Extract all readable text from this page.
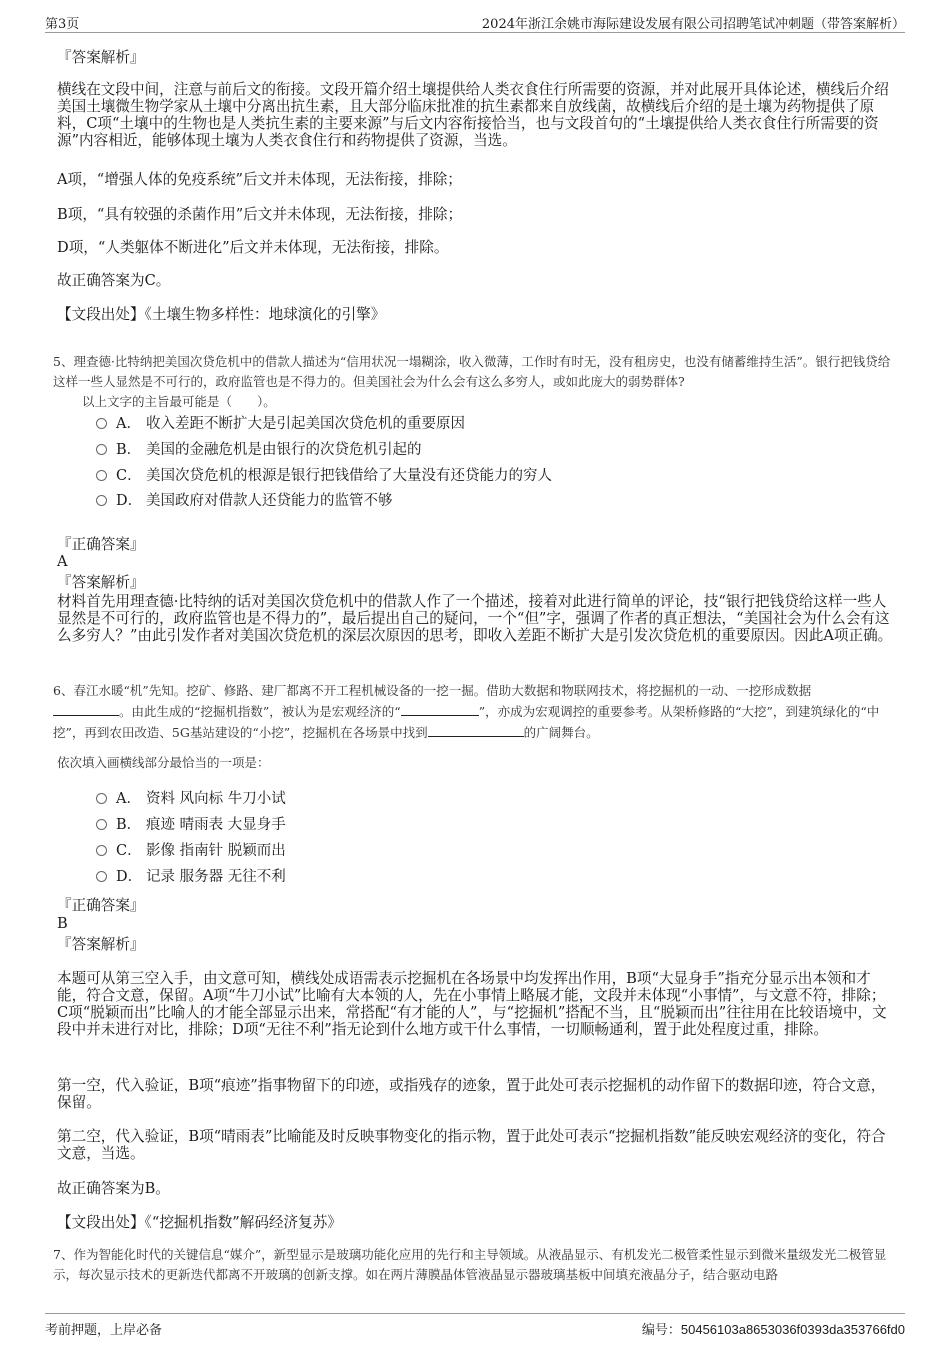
第3页	2024年浙江余姚市海际建设发展有限公司招聘笔试冲刺题（带答案解析）

『答案解析』

横线在文段中间，注意与前后文的衔接。文段开篇介绍土壤提供给人类衣食住行所需要的资源，并对此展开具体论述，横线后介绍美国土壤微生物学家从土壤中分离出抗生素，且大部分临床批准的抗生素都来自放线菌，故横线后介绍的是土壤为药物提供了原料，C项“土壤中的生物也是人类抗生素的主要来源”与后文内容衔接恰当，也与文段首句的“土壤提供给人类衣食住行所需要的资源”内容相近，能够体现土壤为人类衣食住行和药物提供了资源，当选。

A项，“增强人体的免疫系统”后文并未体现，无法衔接，排除；

B项，“具有较强的杀菌作用”后文并未体现，无法衔接，排除；

D项，“人类躯体不断进化”后文并未体现，无法衔接，排除。

故正确答案为C。

【文段出处】《土壤生物多样性：地球演化的引擎》

5、理查德·比特纳把美国次贷危机中的借款人描述为“信用状况一塌糊涂，收入微薄，工作时有时无，没有租房史，也没有储蓄维持生活”。银行把钱贷给这样一些人显然是不可行的，政府监管也是不得力的。但美国社会为什么会有这么多穷人，或如此庞大的弱势群体?

以上文字的主旨最可能是（　　）。

A． 收入差距不断扩大是引起美国次贷危机的重要原因
B． 美国的金融危机是由银行的次贷危机引起的
C． 美国次贷危机的根源是银行把钱借给了大量没有还贷能力的穷人
D． 美国政府对借款人还贷能力的监管不够

『正确答案』

A

『答案解析』

材料首先用理查德·比特纳的话对美国次贷危机中的借款人作了一个描述，接着对此进行简单的评论，技“银行把钱贷给这样一些人显然是不可行的，政府监管也是不得力的”，最后提出自己的疑问，一个“但”字，强调了作者的真正想法，“美国社会为什么会有这么多穷人？”由此引发作者对美国次贷危机的深层次原因的思考，即收入差距不断扩大是引发次贷危机的重要原因。因此A项正确。

6、春江水暖“机”先知。挖矿、修路、建厂都离不开工程机械设备的一挖一掘。借助大数据和物联网技术，将挖掘机的一动、一挖形成数据
。由此生成的“挖掘机指数”，被认为是宏观经济的“	”，亦成为宏观调控的重要参考。从架桥修路的“大挖”，到建筑绿化的“中挖”，再到农田改造、5G基站建设的“小挖”，挖掘机在各场景中找到	的广阔舞台。

依次填入画横线部分最恰当的一项是：

A． 资料 风向标 牛刀小试
B． 痕迹 晴雨表 大显身手
C． 影像 指南针 脱颖而出
D． 记录 服务器 无往不利

『正确答案』

B

『答案解析』

本题可从第三空入手，由文意可知，横线处成语需表示挖掘机在各场景中均发挥出作用，B项“大显身手”指充分显示出本领和才能，符合文意，保留。A项“牛刀小试”比喻有大本领的人，先在小事情上略展才能，文段并未体现“小事情”，与文意不符，排除；C项“脱颖而出”比喻人的才能全部显示出来，常搭配“有才能的人”，与“挖掘机”搭配不当，且“脱颖而出”往往用在比较语境中，文段中并未进行对比，排除；D项“无往不利”指无论到什么地方或干什么事情，一切顺畅通利，置于此处程度过重，排除。

第一空，代入验证，B项“痕迹”指事物留下的印迹，或指残存的迹象，置于此处可表示挖掘机的动作留下的数据印迹，符合文意，保留。

第二空，代入验证，B项“晴雨表”比喻能及时反映事物变化的指示物，置于此处可表示“挖掘机指数”能反映宏观经济的变化，符合文意，当选。

故正确答案为B。

【文段出处】《“挖掘机指数”解码经济复苏》

7、作为智能化时代的关键信息“媒介”，新型显示是玻璃功能化应用的先行和主导领域。从液晶显示、有机发光二极管柔性显示到微米量级发光二极管显示，每次显示技术的更新迭代都离不开玻璃的创新支撑。如在两片薄膜晶体管液晶显示器玻璃基板中间填充液晶分子，结合驱动电路

考前押题，上岸必备	编号：50456103a8653036f0393da353766fd0
